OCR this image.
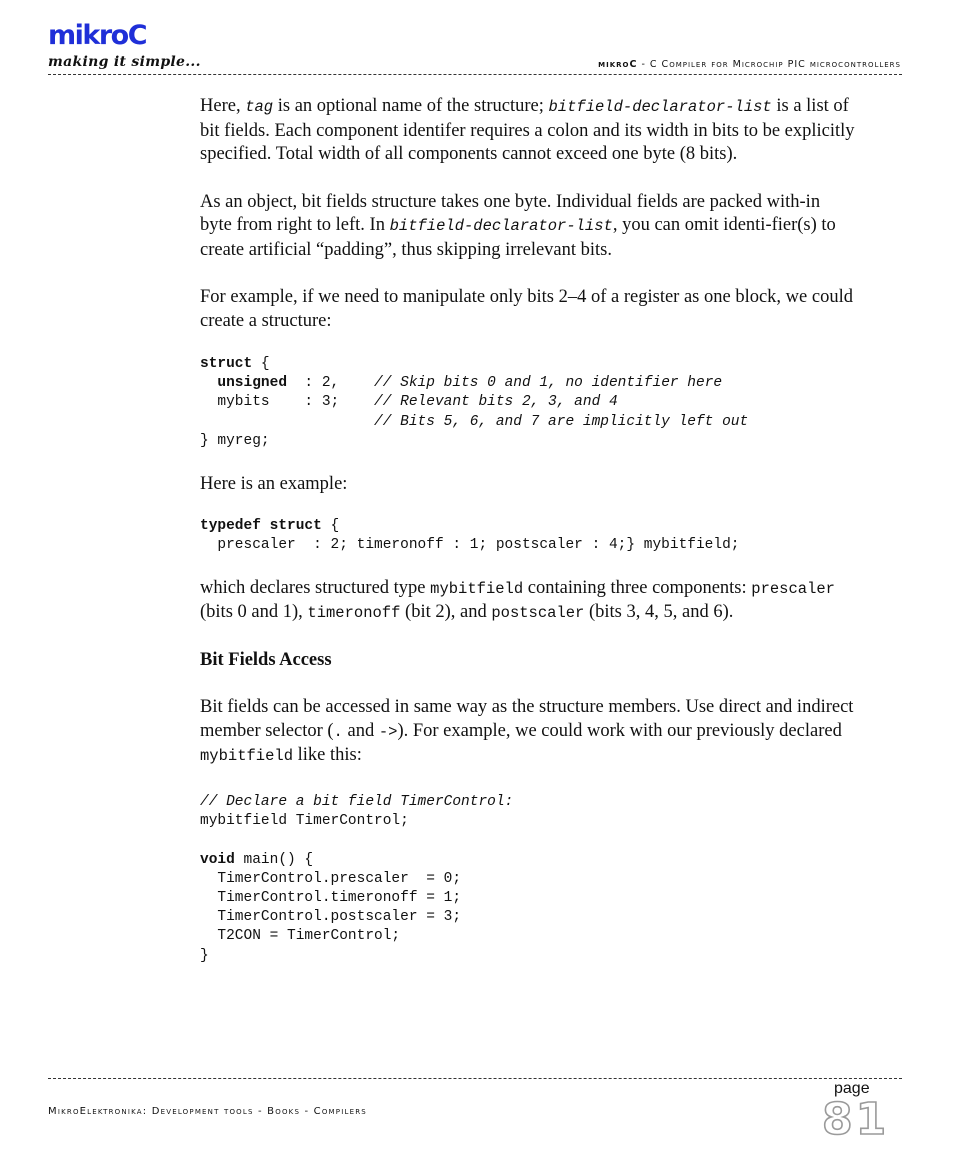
mikroC
making it simple...	mikroC - C Compiler for Microchip PIC microcontrollers

Here, tag is an optional name of the structure; bitfield-declarator-list is a list of bit fields. Each component identifer requires a colon and its width in bits to be explicitly specified. Total width of all components cannot exceed one byte (8 bits).

As an object, bit fields structure takes one byte. Individual fields are packed with-in byte from right to left. In bitfield-declarator-list, you can omit identi-fier(s) to create artificial “padding”, thus skipping irrelevant bits.

For example, if we need to manipulate only bits 2–4 of a register as one block, we could create a structure:

struct {
unsigned  : 2,    // Skip bits 0 and 1, no identifier here
mybits    : 3;    // Relevant bits 2, 3, and 4
// Bits 5, 6, and 7 are implicitly left out
} myreg;

Here is an example:

typedef struct {
prescaler  : 2; timeronoff : 1; postscaler : 4;} mybitfield;

which declares structured type mybitfield containing three components: prescaler (bits 0 and 1), timeronoff (bit 2), and postscaler (bits 3, 4, 5, and 6).

Bit Fields Access

Bit fields can be accessed in same way as the structure members. Use direct and indirect member selector (. and ->). For example, we could work with our previously declared mybitfield like this:

// Declare a bit field TimerControl:
mybitfield TimerControl;

void main() {
TimerControl.prescaler  = 0;
TimerControl.timeronoff = 1;
TimerControl.postscaler = 3;
T2CON = TimerControl;
}
MikroElektronika: Development tools - Books - Compilers
page
81
